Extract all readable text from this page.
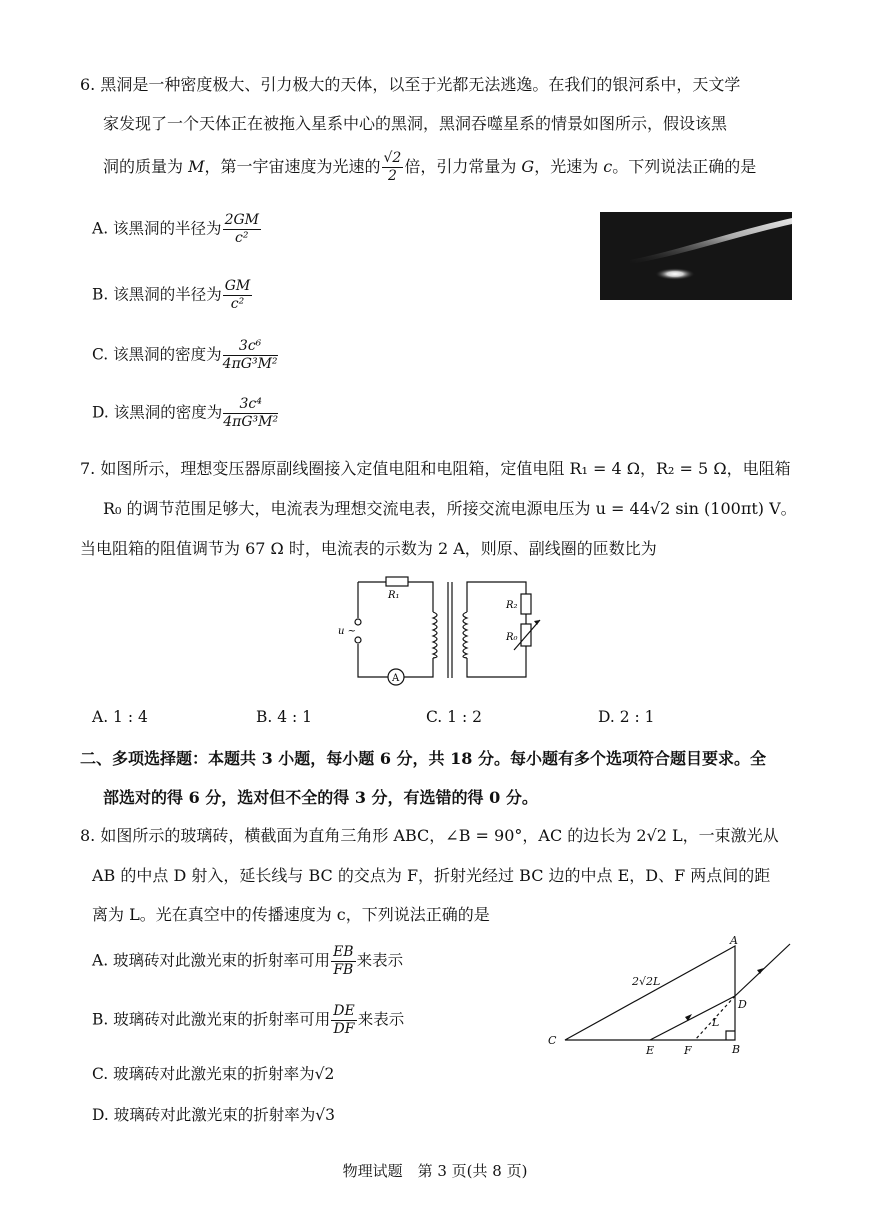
6. 黑洞是一种密度极大、引力极大的天体，以至于光都无法逃逸。在我们的银河系中，天文学
家发现了一个天体正在被拖入星系中心的黑洞，黑洞吞噬星系的情景如图所示，假设该黑
洞的质量为 M，第一宇宙速度为光速的 $\frac{√2}{2}$ 倍，引力常量为 G，光速为 c。下列说法正确的是
A. 该黑洞的半径为 $\frac{2GM}{\text{c²}}$
B. 该黑洞的半径为 $\frac{GM}{\text{c²}}$
C. 该黑洞的密度为 $\frac{\text{3c⁶}}{\text{4πG³M²}}$
D. 该黑洞的密度为 $\frac{\text{3c⁴}}{\text{4πG³M²}}$
7. 如图所示，理想变压器原副线圈接入定值电阻和电阻箱，定值电阻 R₁ = 4 Ω，R₂ = 5 Ω，电阻箱
R₀ 的调节范围足够大，电流表为理想交流电表，所接交流电源电压为 u = 44√2 sin (100πt) V。
当电阻箱的阻值调节为 67 Ω 时，电流表的示数为 2 A，则原、副线圈的匝数比为
R₁
R₂
R₀
u ~
A
A. 1 : 4	B. 4 : 1	C. 1 : 2	D. 2 : 1
二、多项选择题：本题共 3 小题，每小题 6 分，共 18 分。每小题有多个选项符合题目要求。全
部选对的得 6 分，选对但不全的得 3 分，有选错的得 0 分。
8. 如图所示的玻璃砖，横截面为直角三角形 ABC，∠B = 90°，AC 的边长为 2√2 L，一束激光从
AB 的中点 D 射入，延长线与 BC 的交点为 F，折射光经过 BC 边的中点 E，D、F 两点间的距
离为 L。光在真空中的传播速度为 c，下列说法正确的是
A. 玻璃砖对此激光束的折射率可用 $\frac{EB}{FB}$ 来表示
B. 玻璃砖对此激光束的折射率可用 $\frac{DE}{DF}$ 来表示
C. 玻璃砖对此激光束的折射率为√2
D. 玻璃砖对此激光束的折射率为√3
A
B
C
D
E	F
L
2√2L
物理试题　第 3 页(共 8 页)
